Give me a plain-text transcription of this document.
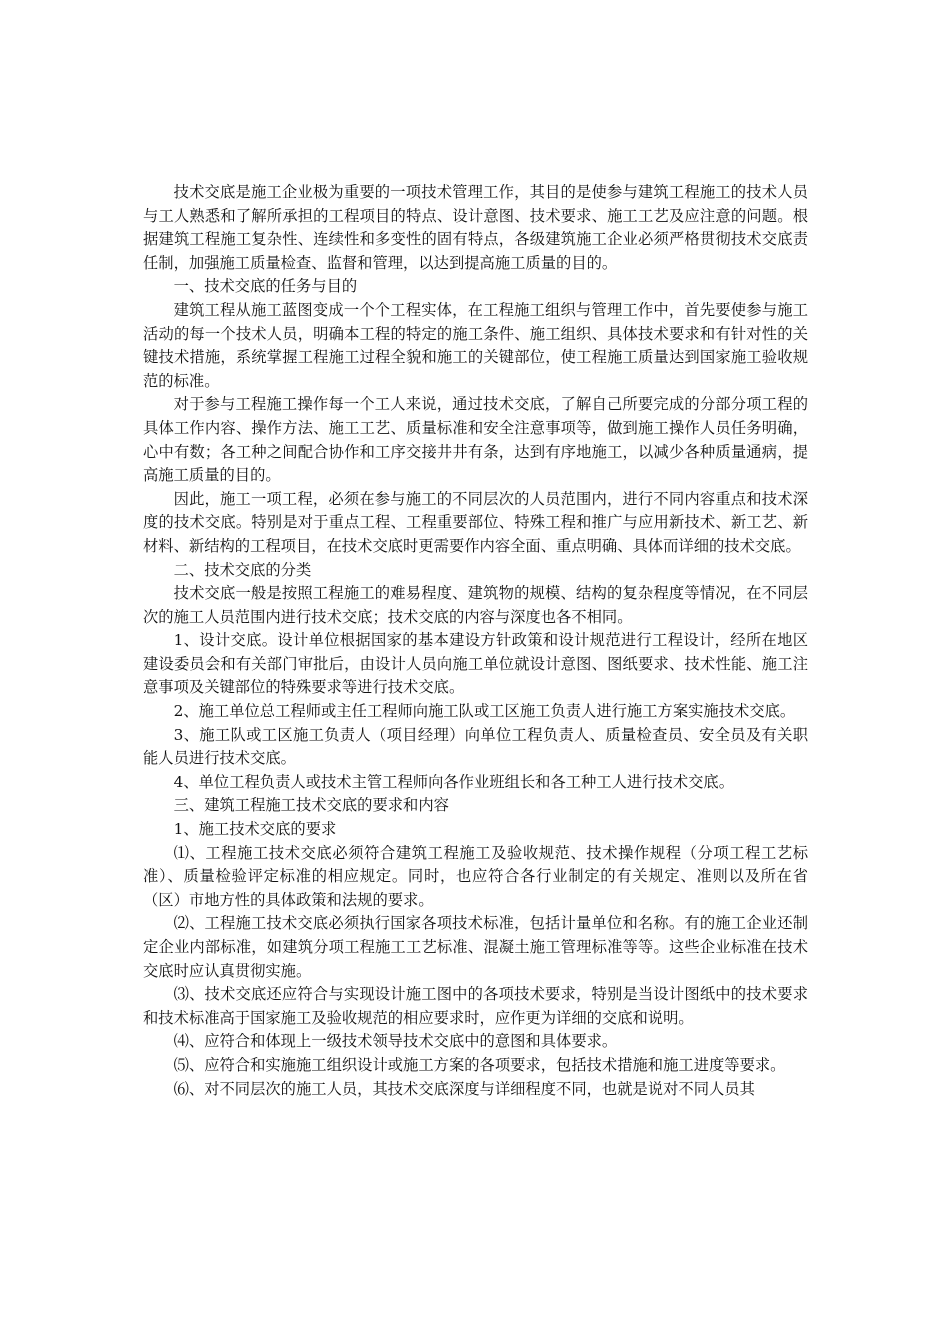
技术交底是施工企业极为重要的一项技术管理工作，其目的是使参与建筑工程施工的技术人员与工人熟悉和了解所承担的工程项目的特点、设计意图、技术要求、施工工艺及应注意的问题。根据建筑工程施工复杂性、连续性和多变性的固有特点，各级建筑施工企业必须严格贯彻技术交底责任制，加强施工质量检查、监督和管理，以达到提高施工质量的目的。

一、技术交底的任务与目的

建筑工程从施工蓝图变成一个个工程实体，在工程施工组织与管理工作中，首先要使参与施工活动的每一个技术人员，明确本工程的特定的施工条件、施工组织、具体技术要求和有针对性的关键技术措施，系统掌握工程施工过程全貌和施工的关键部位，使工程施工质量达到国家施工验收规范的标准。

对于参与工程施工操作每一个工人来说，通过技术交底，了解自己所要完成的分部分项工程的具体工作内容、操作方法、施工工艺、质量标准和安全注意事项等，做到施工操作人员任务明确，心中有数；各工种之间配合协作和工序交接井井有条，达到有序地施工，以减少各种质量通病，提高施工质量的目的。

因此，施工一项工程，必须在参与施工的不同层次的人员范围内，进行不同内容重点和技术深度的技术交底。特别是对于重点工程、工程重要部位、特殊工程和推广与应用新技术、新工艺、新材料、新结构的工程项目，在技术交底时更需要作内容全面、重点明确、具体而详细的技术交底。

二、技术交底的分类

技术交底一般是按照工程施工的难易程度、建筑物的规模、结构的复杂程度等情况，在不同层次的施工人员范围内进行技术交底；技术交底的内容与深度也各不相同。

1、设计交底。设计单位根据国家的基本建设方针政策和设计规范进行工程设计，经所在地区建设委员会和有关部门审批后，由设计人员向施工单位就设计意图、图纸要求、技术性能、施工注意事项及关键部位的特殊要求等进行技术交底。

2、施工单位总工程师或主任工程师向施工队或工区施工负责人进行施工方案实施技术交底。

3、施工队或工区施工负责人（项目经理）向单位工程负责人、质量检查员、安全员及有关职能人员进行技术交底。

4、单位工程负责人或技术主管工程师向各作业班组长和各工种工人进行技术交底。

三、建筑工程施工技术交底的要求和内容

1、施工技术交底的要求

⑴、工程施工技术交底必须符合建筑工程施工及验收规范、技术操作规程（分项工程工艺标准）、质量检验评定标准的相应规定。同时，也应符合各行业制定的有关规定、准则以及所在省（区）市地方性的具体政策和法规的要求。

⑵、工程施工技术交底必须执行国家各项技术标准，包括计量单位和名称。有的施工企业还制定企业内部标准，如建筑分项工程施工工艺标准、混凝土施工管理标准等等。这些企业标准在技术交底时应认真贯彻实施。

⑶、技术交底还应符合与实现设计施工图中的各项技术要求，特别是当设计图纸中的技术要求和技术标准高于国家施工及验收规范的相应要求时，应作更为详细的交底和说明。

⑷、应符合和体现上一级技术领导技术交底中的意图和具体要求。

⑸、应符合和实施施工组织设计或施工方案的各项要求，包括技术措施和施工进度等要求。

⑹、对不同层次的施工人员，其技术交底深度与详细程度不同，也就是说对不同人员其
